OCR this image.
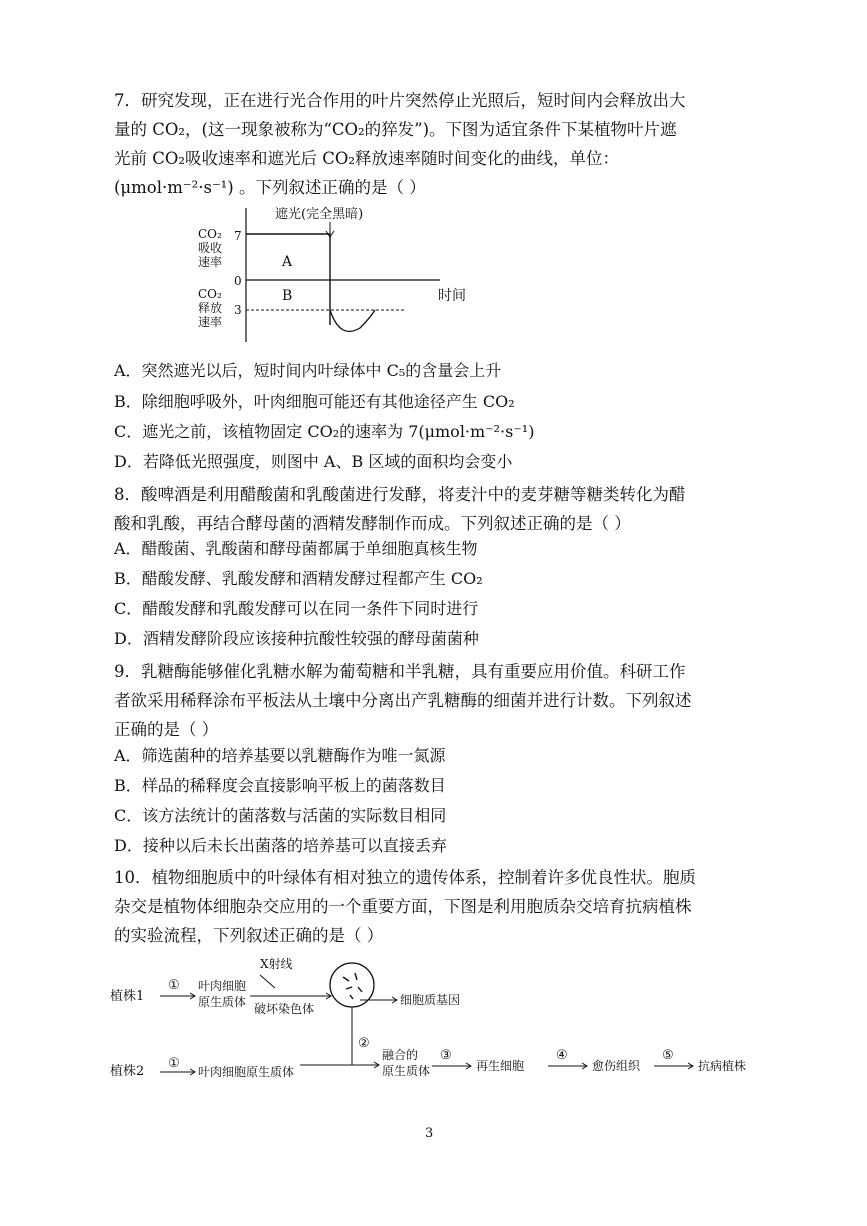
7．研究发现，正在进行光合作用的叶片突然停止光照后，短时间内会释放出大
量的 CO₂，(这一现象被称为“CO₂的猝发”)。下图为适宜条件下某植物叶片遮
光前 CO₂吸收速率和遮光后 CO₂释放速率随时间变化的曲线，单位：
(μmol·m⁻²·s⁻¹) 。下列叙述正确的是（ ）
遮光(完全黑暗)
CO₂
吸收
速率
7
0
CO₂
释放
速率
3
时间
A
B
A．突然遮光以后，短时间内叶绿体中 C₅的含量会上升
B．除细胞呼吸外，叶肉细胞可能还有其他途径产生 CO₂
C．遮光之前，该植物固定 CO₂的速率为 7(μmol·m⁻²·s⁻¹)
D．若降低光照强度，则图中 A、B 区域的面积均会变小
8．酸啤酒是利用醋酸菌和乳酸菌进行发酵，将麦汁中的麦芽糖等糖类转化为醋
酸和乳酸，再结合酵母菌的酒精发酵制作而成。下列叙述正确的是（ ）
A．醋酸菌、乳酸菌和酵母菌都属于单细胞真核生物
B．醋酸发酵、乳酸发酵和酒精发酵过程都产生 CO₂
C．醋酸发酵和乳酸发酵可以在同一条件下同时进行
D．酒精发酵阶段应该接种抗酸性较强的酵母菌菌种
9．乳糖酶能够催化乳糖水解为葡萄糖和半乳糖，具有重要应用价值。科研工作
者欲采用稀释涂布平板法从土壤中分离出产乳糖酶的细菌并进行计数。下列叙述
正确的是（ ）
A．筛选菌种的培养基要以乳糖酶作为唯一氮源
B．样品的稀释度会直接影响平板上的菌落数目
C．该方法统计的菌落数与活菌的实际数目相同
D．接种以后未长出菌落的培养基可以直接丢弃
10．植物细胞质中的叶绿体有相对独立的遗传体系，控制着许多优良性状。胞质
杂交是植物体细胞杂交应用的一个重要方面，下图是利用胞质杂交培育抗病植株
的实验流程，下列叙述正确的是（ ）
植株1
① 叶肉细胞
原生质体
X射线
破坏染色体
细胞质基因
②
植株2
①
叶肉细胞原生质体
融合的
原生质体
③
再生细胞
④
愈伤组织
⑤
抗病植株
3
